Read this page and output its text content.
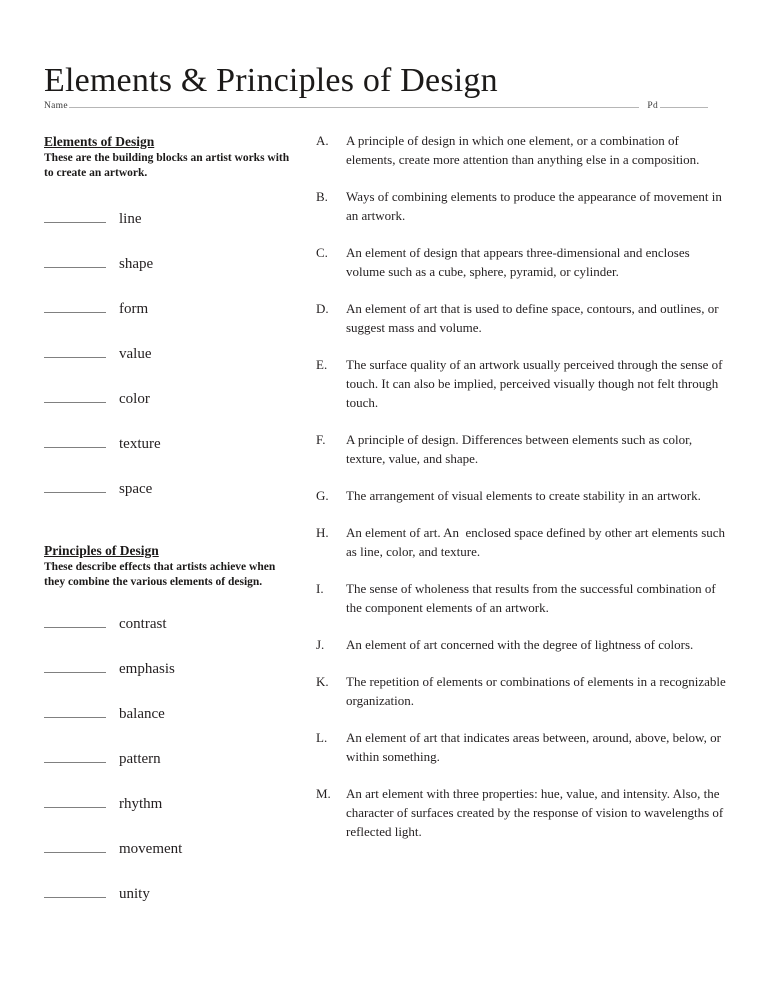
Elements & Principles of Design
Name	Pd
Elements of Design
These are the building blocks an artist works with to create an artwork.
line
shape
form
value
color
texture
space
Principles of Design
These describe effects that artists achieve when they combine the various elements of design.
contrast
emphasis
balance
pattern
rhythm
movement
unity
A.	A principle of design in which one element, or a combination of elements, create more attention than anything else in a composition.
B.	Ways of combining elements to produce the appearance of movement in an artwork.
C.	An element of design that appears three-dimensional and encloses volume such as a cube, sphere, pyramid, or cylinder.
D.	An element of art that is used to define space, contours, and outlines, or suggest mass and volume.
E.	The surface quality of an artwork usually perceived through the sense of touch. It can also be implied, perceived visually though not felt through touch.
F.	A principle of design. Differences between elements such as color, texture, value, and shape.
G.	The arrangement of visual elements to create stability in an artwork.
H.	An element of art. An  enclosed space defined by other art elements such as line, color, and texture.
I.	The sense of wholeness that results from the successful combination of the component elements of an artwork.
J.	An element of art concerned with the degree of lightness of colors.
K.	The repetition of elements or combinations of elements in a recognizable organization.
L.	An element of art that indicates areas between, around, above, below, or within something.
M.	An art element with three properties: hue, value, and intensity. Also, the character of surfaces created by the response of vision to wavelengths of reflected light.
